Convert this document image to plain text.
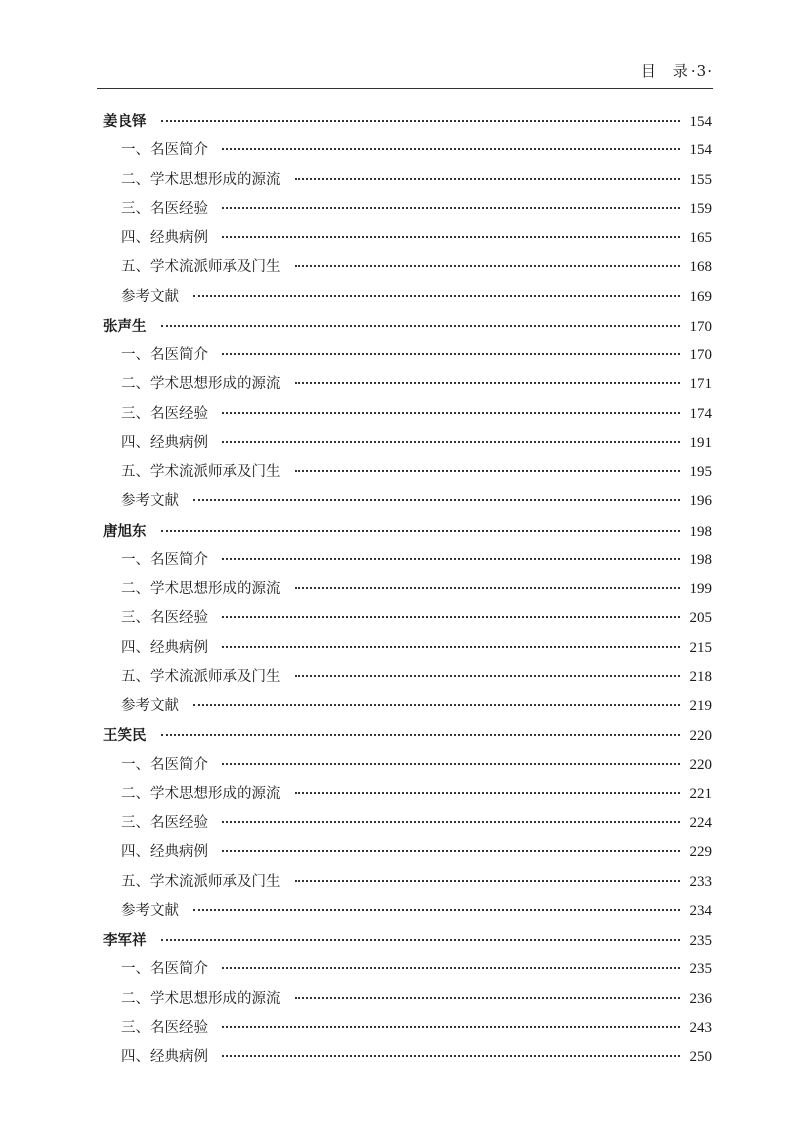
目　录 ·3·
姜良铎	154
一、名医简介	154
二、学术思想形成的源流	155
三、名医经验	159
四、经典病例	165
五、学术流派师承及门生	168
参考文献	169
张声生	170
一、名医简介	170
二、学术思想形成的源流	171
三、名医经验	174
四、经典病例	191
五、学术流派师承及门生	195
参考文献	196
唐旭东	198
一、名医简介	198
二、学术思想形成的源流	199
三、名医经验	205
四、经典病例	215
五、学术流派师承及门生	218
参考文献	219
王笑民	220
一、名医简介	220
二、学术思想形成的源流	221
三、名医经验	224
四、经典病例	229
五、学术流派师承及门生	233
参考文献	234
李军祥	235
一、名医简介	235
二、学术思想形成的源流	236
三、名医经验	243
四、经典病例	250
